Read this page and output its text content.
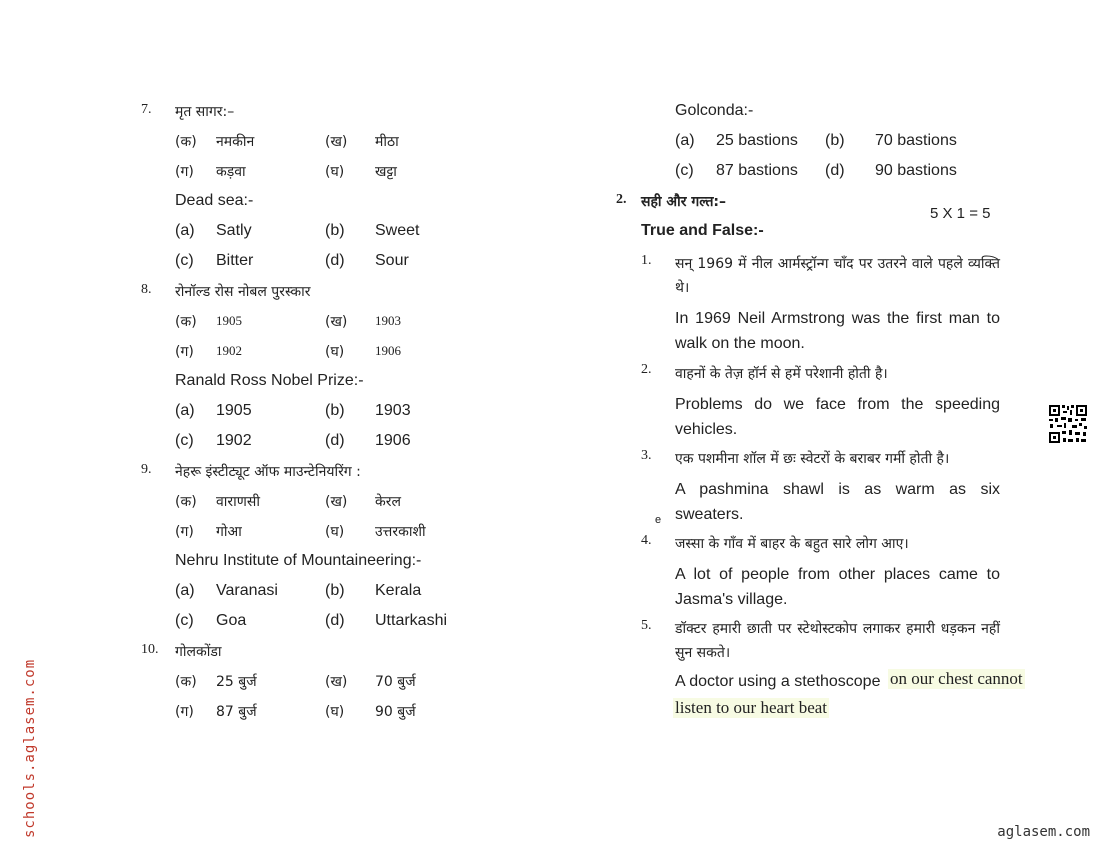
7. मृत सागर:–
(क) नमकीन	(ख) मीठा
(ग) कड़वा	(घ) खट्टा
Dead sea:-
(a) Satly	(b) Sweet
(c) Bitter	(d) Sour
8. रोनॉल्ड रोस नोबल पुरस्कार
(क) 1905	(ख) 1903
(ग) 1902	(घ) 1906
Ranald Ross Nobel Prize:-
(a) 1905	(b) 1903
(c) 1902	(d) 1906
9. नेहरू इंस्टीट्यूट ऑफ माउन्टेनियरिंग :
(क) वाराणसी	(ख) केरल
(ग) गोआ	(घ) उत्तरकाशी
Nehru Institute of Mountaineering:-
(a) Varanasi	(b) Kerala
(c) Goa	(d) Uttarkashi
10. गोलकोंडा
(क) 25 बुर्ज	(ख) 70 बुर्ज
(ग) 87 बुर्ज	(घ) 90 बुर्ज
Golconda:-
(a) 25 bastions (b) 70 bastions
(c) 87 bastions (d) 90 bastions
2. सही और गल्त:–
5 X 1 = 5
True and False:-
1. सन् 1969 में नील आर्मस्ट्रॉन्ग चाँद पर उतरने वाले पहले व्यक्ति थे।
In 1969 Neil Armstrong was the first man to walk on the moon.
2. वाहनों के तेज़ हॉर्न से हमें परेशानी होती है।
Problems do we face from the speeding vehicles.
3. एक पशमीना शॉल में छः स्वेटरों के बराबर गर्मी होती है।
A pashmina shawl is as warm as six sweaters.
e
4. जस्सा के गाँव में बाहर के बहुत सारे लोग आए।
A lot of people from other places came to Jasma's village.
5. डॉक्टर हमारी छाती पर स्टेथोस्टकोप लगाकर हमारी धड़कन नहीं सुन सकते।
A doctor using a stethoscope on our chest cannot
listen to our heart beat
schools.aglasem.com	aglasem.com
